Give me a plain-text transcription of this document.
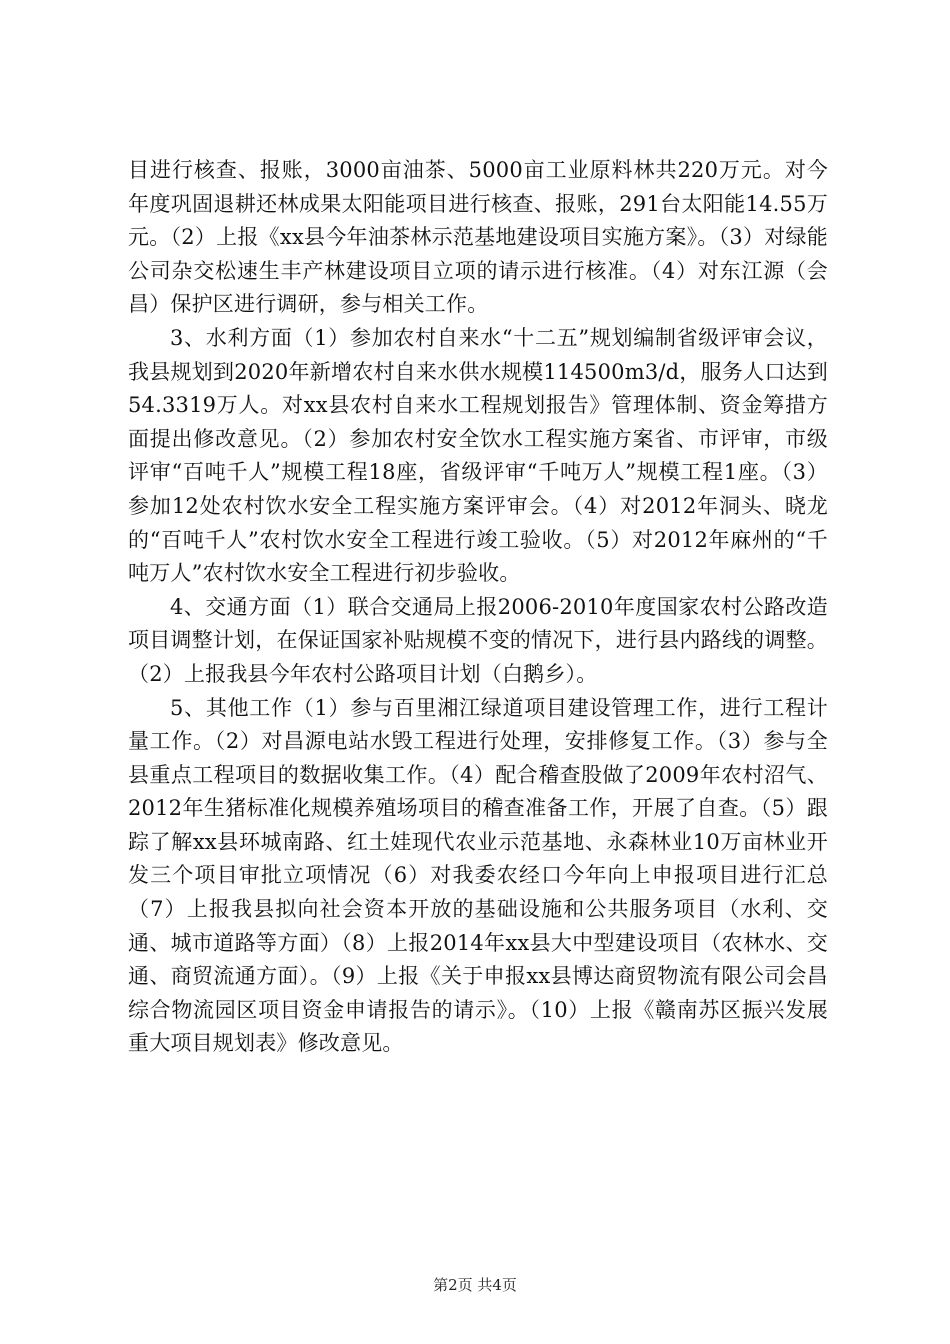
目进行核查、报账，3000亩油茶、5000亩工业原料林共220万元。对今年度巩固退耕还林成果太阳能项目进行核查、报账，291台太阳能14.55万元。（2）上报《xx县今年油茶林示范基地建设项目实施方案》。（3）对绿能公司杂交松速生丰产林建设项目立项的请示进行核准。（4）对东江源（会昌）保护区进行调研，参与相关工作。

3、水利方面（1）参加农村自来水“十二五”规划编制省级评审会议，我县规划到2020年新增农村自来水供水规模114500m3/d，服务人口达到54.3319万人。对xx县农村自来水工程规划报告》管理体制、资金筹措方面提出修改意见。（2）参加农村安全饮水工程实施方案省、市评审，市级评审“百吨千人”规模工程18座，省级评审“千吨万人”规模工程1座。（3）参加12处农村饮水安全工程实施方案评审会。（4）对2012年洞头、晓龙的“百吨千人”农村饮水安全工程进行竣工验收。（5）对2012年麻州的“千吨万人”农村饮水安全工程进行初步验收。

4、交通方面（1）联合交通局上报2006-2010年度国家农村公路改造项目调整计划，在保证国家补贴规模不变的情况下，进行县内路线的调整。（2）上报我县今年农村公路项目计划（白鹅乡）。

5、其他工作（1）参与百里湘江绿道项目建设管理工作，进行工程计量工作。（2）对昌源电站水毁工程进行处理，安排修复工作。（3）参与全县重点工程项目的数据收集工作。（4）配合稽查股做了2009年农村沼气、2012年生猪标准化规模养殖场项目的稽查准备工作，开展了自查。（5）跟踪了解xx县环城南路、红土娃现代农业示范基地、永森林业10万亩林业开发三个项目审批立项情况（6）对我委农经口今年向上申报项目进行汇总（7）上报我县拟向社会资本开放的基础设施和公共服务项目（水利、交通、城市道路等方面）（8）上报2014年xx县大中型建设项目（农林水、交通、商贸流通方面）。（9）上报《关于申报xx县博达商贸物流有限公司会昌综合物流园区项目资金申请报告的请示》。（10）上报《赣南苏区振兴发展重大项目规划表》修改意见。

第2页 共4页
